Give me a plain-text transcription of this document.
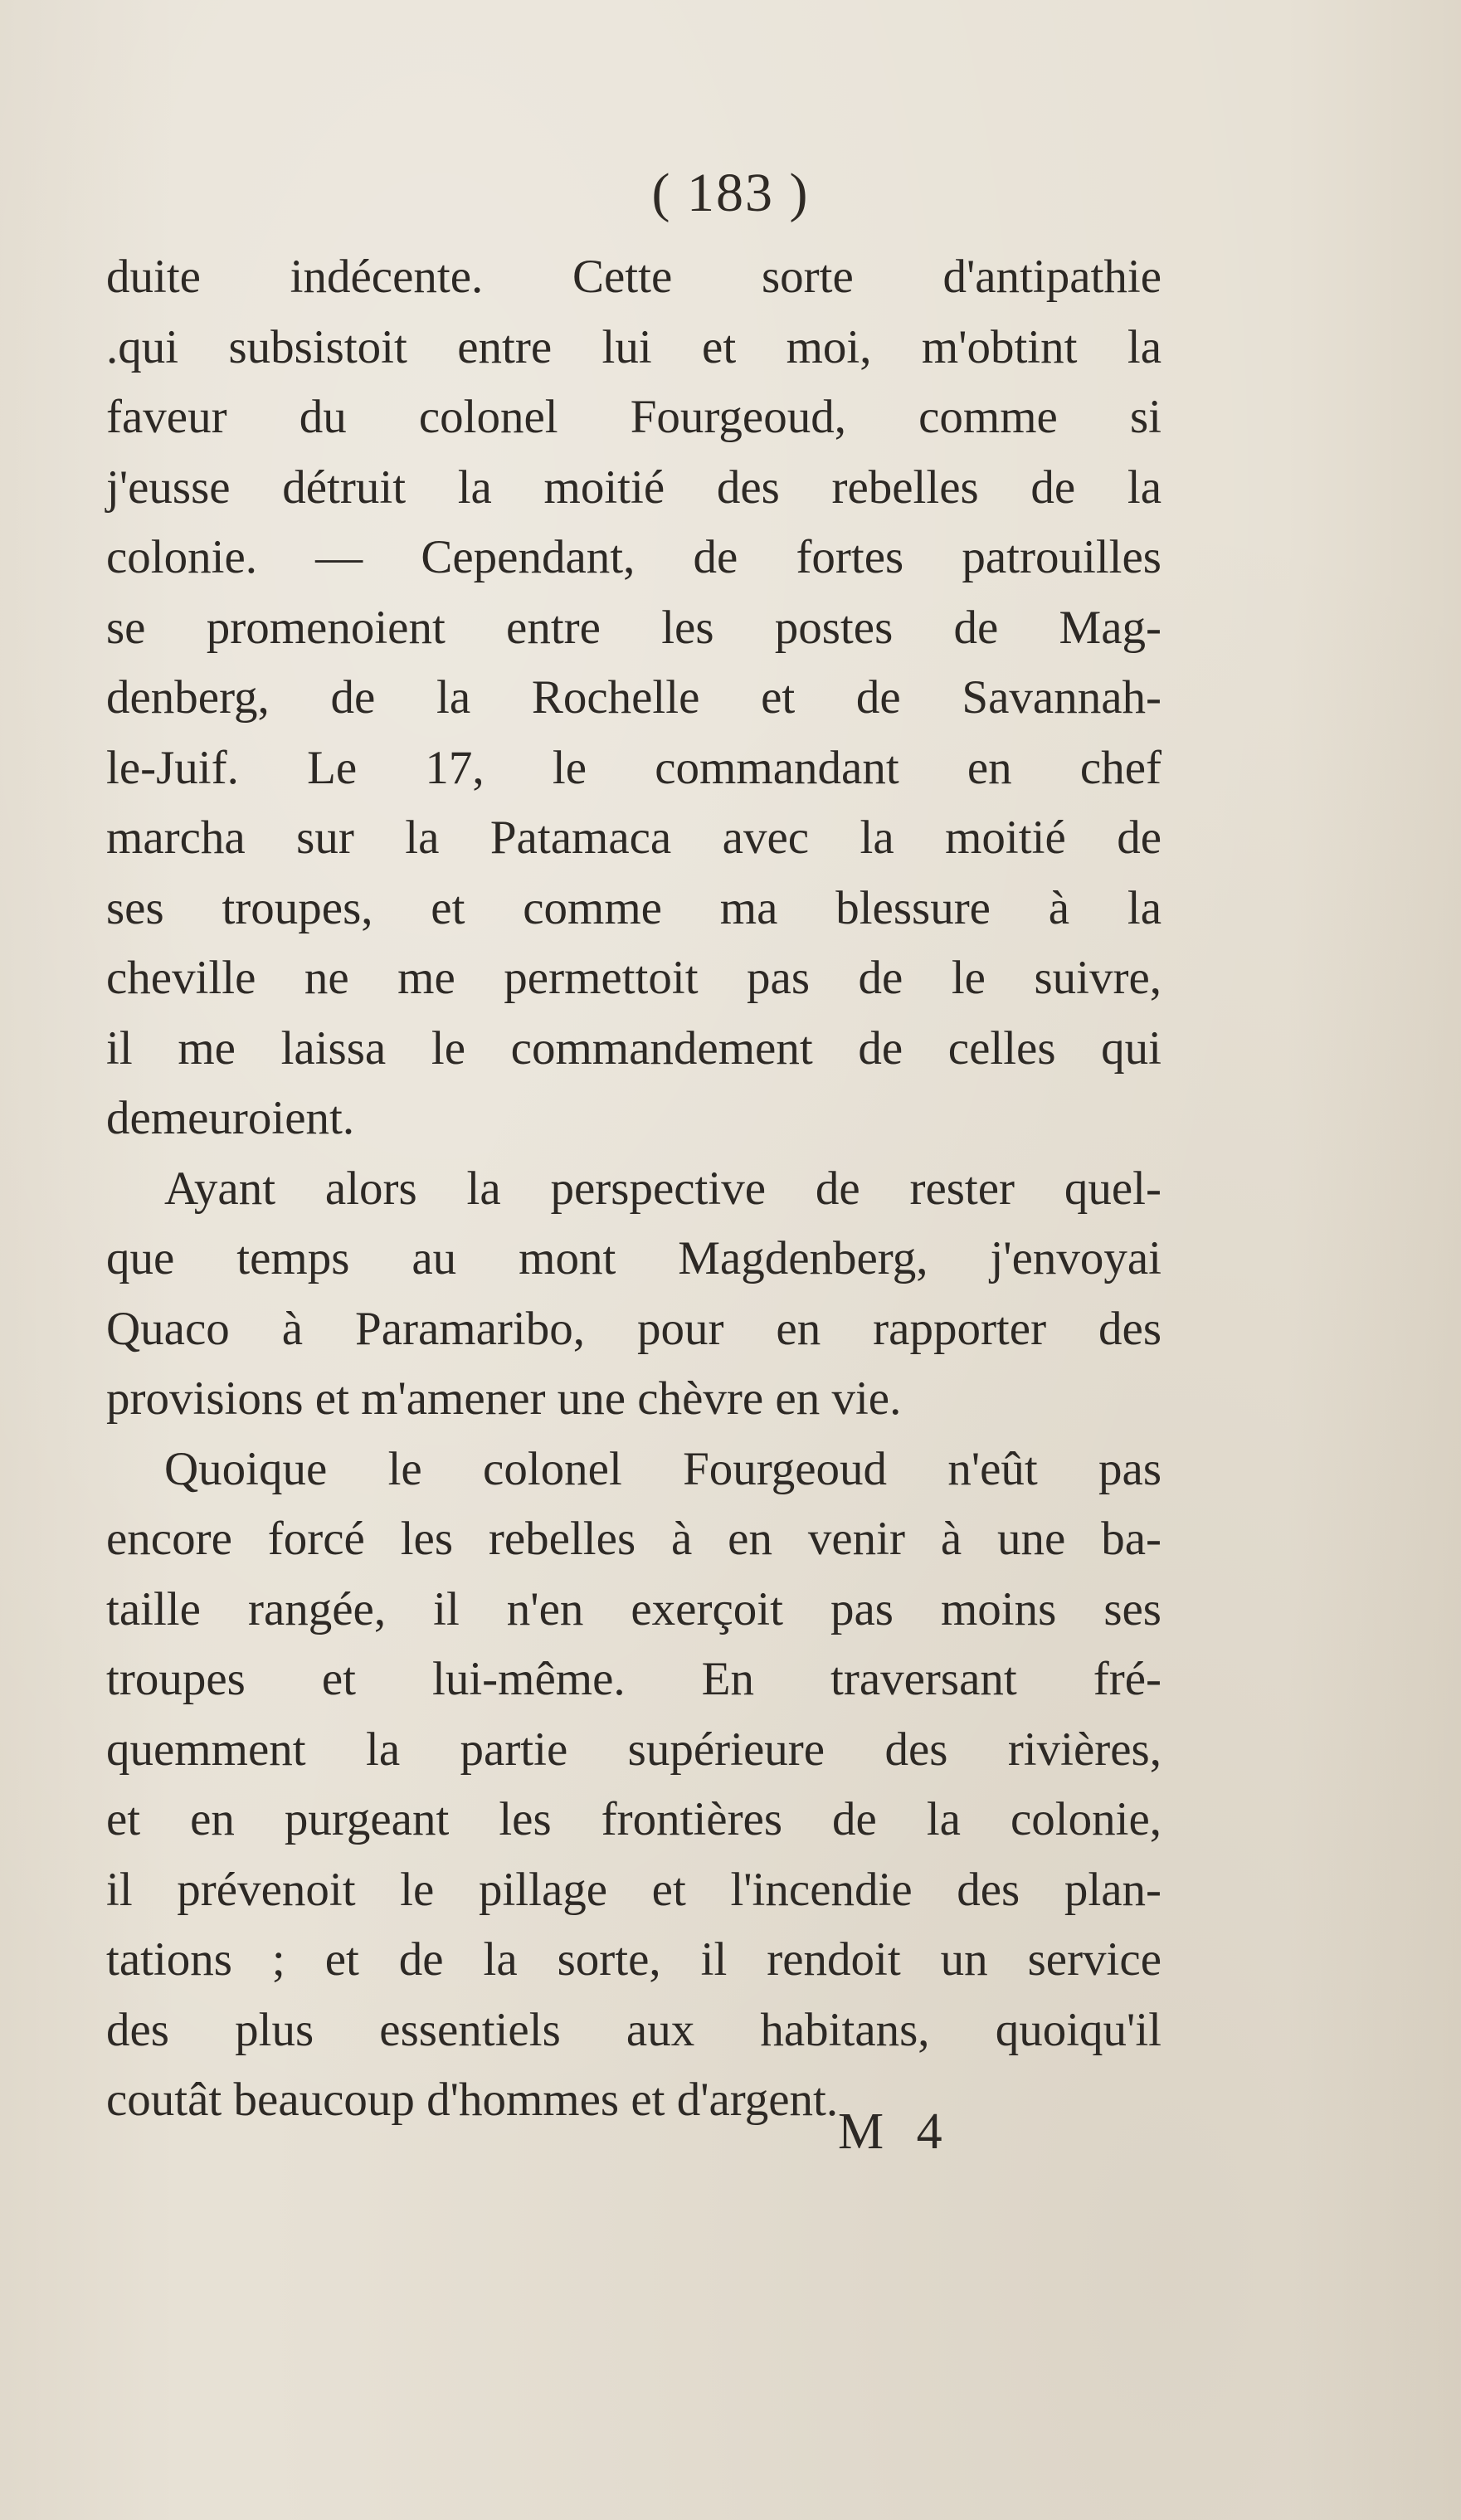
( 183 )
duite indécente. Cette sorte d'antipathie
.qui subsistoit entre lui et moi, m'obtint la
faveur du colonel Fourgeoud, comme si
j'eusse détruit la moitié des rebelles de la
colonie. — Cependant, de fortes patrouilles
se promenoient entre les postes de Mag-
denberg, de la Rochelle et de Savannah-
le-Juif. Le 17, le commandant en chef
marcha sur la Patamaca avec la moitié de
ses troupes, et comme ma blessure à la
cheville ne me permettoit pas de le suivre,
il me laissa le commandement de celles qui
demeuroient.
Ayant alors la perspective de rester quel-
que temps au mont Magdenberg, j'envoyai
Quaco à Paramaribo, pour en rapporter des
provisions et m'amener une chèvre en vie.
Quoique le colonel Fourgeoud n'eût pas
encore forcé les rebelles à en venir à une ba-
taille rangée, il n'en exerçoit pas moins ses
troupes et lui-même. En traversant fré-
quemment la partie supérieure des rivières,
et en purgeant les frontières de la colonie,
il prévenoit le pillage et l'incendie des plan-
tations ; et de la sorte, il rendoit un service
des plus essentiels aux habitans, quoiqu'il
coutât beaucoup d'hommes et d'argent.
M 4
